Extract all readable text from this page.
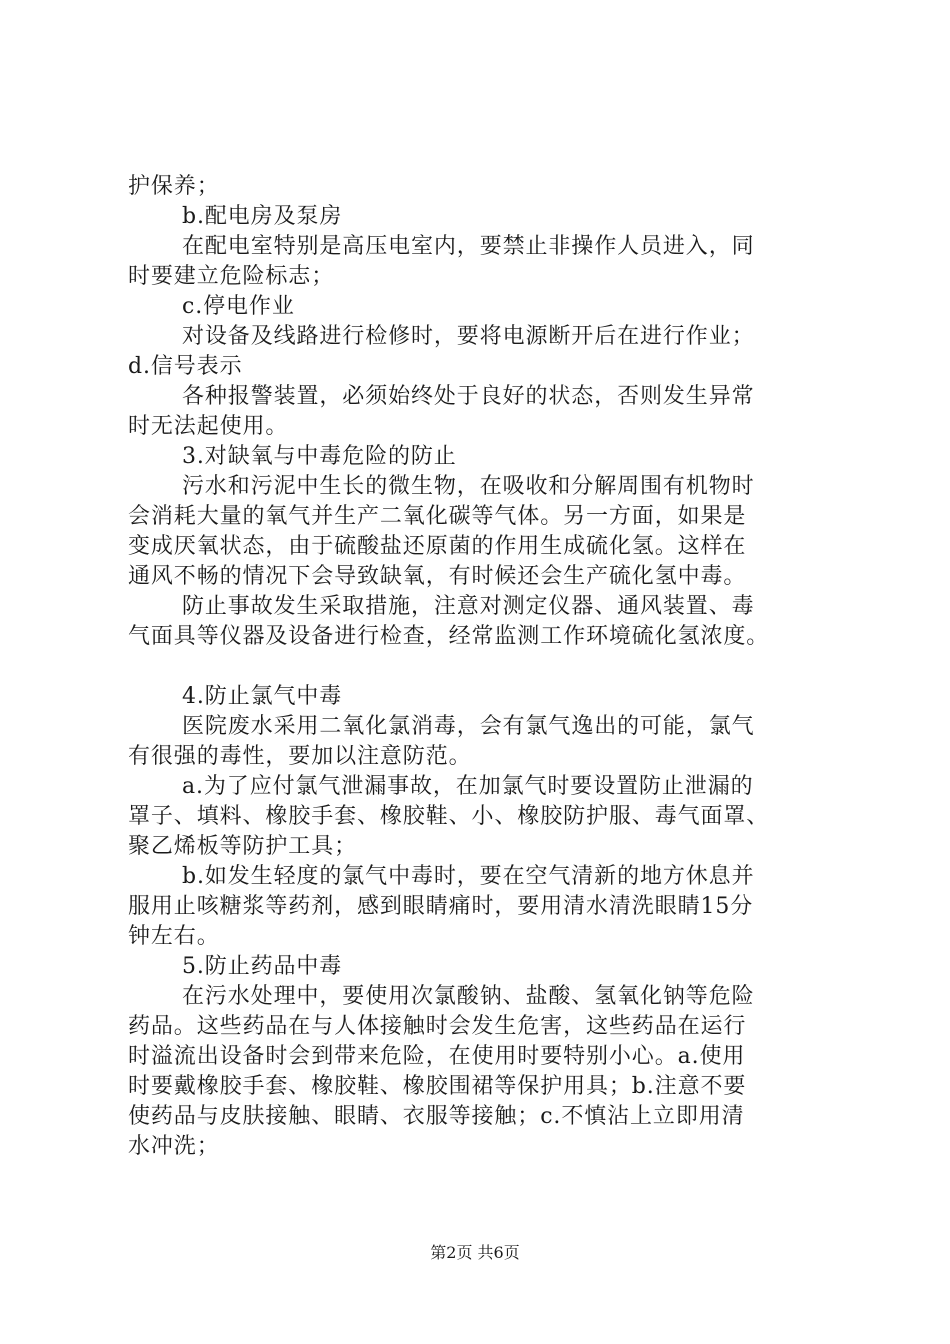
护保养；

b.配电房及泵房

在配电室特别是高压电室内，要禁止非操作人员进入，同

时要建立危险标志；

c.停电作业

对设备及线路进行检修时，要将电源断开后在进行作业；

d.信号表示

各种报警装置，必须始终处于良好的状态，否则发生异常

时无法起使用。

3.对缺氧与中毒危险的防止

污水和污泥中生长的微生物，在吸收和分解周围有机物时

会消耗大量的氧气并生产二氧化碳等气体。另一方面，如果是

变成厌氧状态，由于硫酸盐还原菌的作用生成硫化氢。这样在

通风不畅的情况下会导致缺氧，有时候还会生产硫化氢中毒。

防止事故发生采取措施，注意对测定仪器、通风装置、毒

气面具等仪器及设备进行检查，经常监测工作环境硫化氢浓度。

4.防止氯气中毒

医院废水采用二氧化氯消毒，会有氯气逸出的可能，氯气

有很强的毒性，要加以注意防范。

a.为了应付氯气泄漏事故，在加氯气时要设置防止泄漏的

罩子、填料、橡胶手套、橡胶鞋、小、橡胶防护服、毒气面罩、

聚乙烯板等防护工具；

b.如发生轻度的氯气中毒时，要在空气清新的地方休息并

服用止咳糖浆等药剂，感到眼睛痛时，要用清水清洗眼睛15分

钟左右。

5.防止药品中毒

在污水处理中，要使用次氯酸钠、盐酸、氢氧化钠等危险

药品。这些药品在与人体接触时会发生危害，这些药品在运行

时溢流出设备时会到带来危险，在使用时要特别小心。a.使用

时要戴橡胶手套、橡胶鞋、橡胶围裙等保护用具；b.注意不要

使药品与皮肤接触、眼睛、衣服等接触；c.不慎沾上立即用清

水冲洗；

第2页 共6页
